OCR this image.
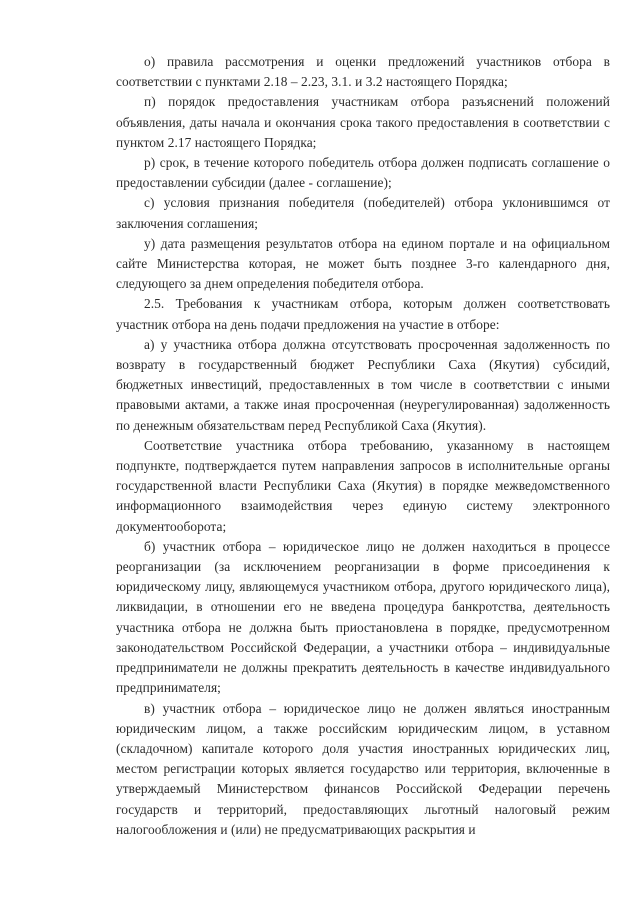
о) правила рассмотрения и оценки предложений участников отбора в соответствии с пунктами 2.18 – 2.23, 3.1. и 3.2 настоящего Порядка;

п) порядок предоставления участникам отбора разъяснений положений объявления, даты начала и окончания срока такого предоставления в соответствии с пунктом 2.17 настоящего Порядка;

р) срок, в течение которого победитель отбора должен подписать соглашение о предоставлении субсидии (далее - соглашение);

с) условия признания победителя (победителей) отбора уклонившимся от заключения соглашения;

у) дата размещения результатов отбора на едином портале и на официальном сайте Министерства которая, не может быть позднее 3-го календарного дня, следующего за днем определения победителя отбора.

2.5. Требования к участникам отбора, которым должен соответствовать участник отбора на день подачи предложения на участие в отборе:

а) у участника отбора должна отсутствовать просроченная задолженность по возврату в государственный бюджет Республики Саха (Якутия) субсидий, бюджетных инвестиций, предоставленных в том числе в соответствии с иными правовыми актами, а также иная просроченная (неурегулированная) задолженность по денежным обязательствам перед Республикой Саха (Якутия).

Соответствие участника отбора требованию, указанному в настоящем подпункте, подтверждается путем направления запросов в исполнительные органы государственной власти Республики Саха (Якутия) в порядке межведомственного информационного взаимодействия через единую систему электронного документооборота;

б) участник отбора – юридическое лицо не должен находиться в процессе реорганизации (за исключением реорганизации в форме присоединения к юридическому лицу, являющемуся участником отбора, другого юридического лица), ликвидации, в отношении его не введена процедура банкротства, деятельность участника отбора не должна быть приостановлена в порядке, предусмотренном законодательством Российской Федерации, а участники отбора – индивидуальные предприниматели не должны прекратить деятельность в качестве индивидуального предпринимателя;

в) участник отбора – юридическое лицо не должен являться иностранным юридическим лицом, а также российским юридическим лицом, в уставном (складочном) капитале которого доля участия иностранных юридических лиц, местом регистрации которых является государство или территория, включенные в утверждаемый Министерством финансов Российской Федерации перечень государств и территорий, предоставляющих льготный налоговый режим налогообложения и (или) не предусматривающих раскрытия и
